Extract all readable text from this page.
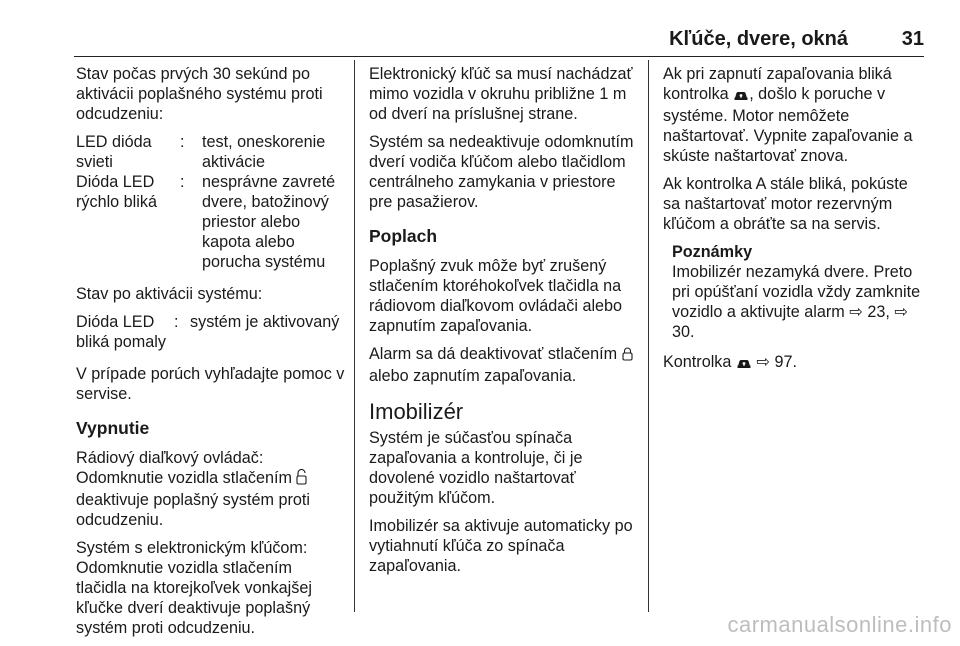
Kľúče, dvere, okná	31

Stav počas prvých 30 sekúnd po aktivácii poplašného systému proti odcudzeniu:

LED dióda svieti
:	test, oneskorenie aktivácie
Dióda LED rýchlo bliká
:	nesprávne zavreté dvere, batožinový priestor alebo kapota alebo porucha systému

Stav po aktivácii systému:

Dióda LED bliká pomaly
: systém je aktivovaný

V prípade porúch vyhľadajte pomoc v servise.

Vypnutie

Rádiový diaľkový ovládač:
Odomknutie vozidla stlačením  deaktivuje poplašný systém proti odcudzeniu.

Systém s elektronickým kľúčom: Odomknutie vozidla stlačením tlačidla na ktorejkoľvek vonkajšej kľučke dverí deaktivuje poplašný systém proti odcudzeniu.

Elektronický kľúč sa musí nachádzať mimo vozidla v okruhu približne 1 m od dverí na príslušnej strane.

Systém sa nedeaktivuje odomknutím dverí vodiča kľúčom alebo tlačidlom centrálneho zamykania v priestore pre pasažierov.

Poplach

Poplašný zvuk môže byť zrušený stlačením ktoréhokoľvek tlačidla na rádiovom diaľkovom ovládači alebo zapnutím zapaľovania.

Alarm sa dá deaktivovať stlačením  alebo zapnutím zapaľovania.

Imobilizér

Systém je súčasťou spínača zapaľovania a kontroluje, či je dovolené vozidlo naštartovať použitým kľúčom.

Imobilizér sa aktivuje automaticky po vytiahnutí kľúča zo spínača zapaľovania.

Ak pri zapnutí zapaľovania bliká kontrolka , došlo k poruche v systéme. Motor nemôžete naštartovať. Vypnite zapaľovanie a skúste naštartovať znova.

Ak kontrolka A stále bliká, pokúste sa naštartovať motor rezervným kľúčom a obráťte sa na servis.

Poznámky
Imobilizér nezamyká dvere. Preto pri opúšťaní vozidla vždy zamknite vozidlo a aktivujte alarm ⇨ 23, ⇨ 30.

Kontrolka ⇨ 97.

carmanualsonline.info
